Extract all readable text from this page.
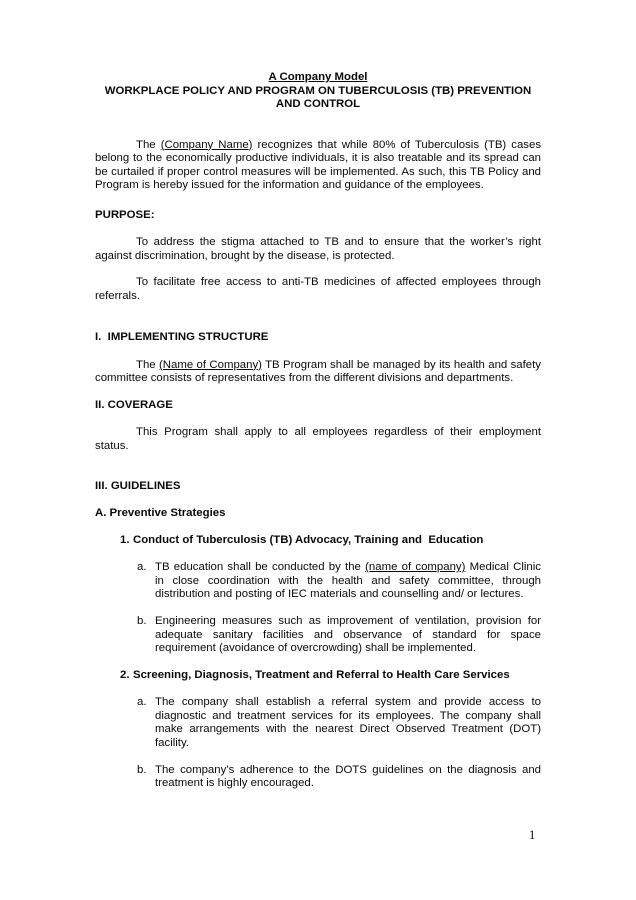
A Company Model
WORKPLACE POLICY AND PROGRAM ON TUBERCULOSIS (TB) PREVENTION AND CONTROL

The (Company Name) recognizes that while 80% of Tuberculosis (TB) cases belong to the economically productive individuals, it is also treatable and its spread can be curtailed if proper control measures will be implemented. As such, this TB Policy and Program is hereby issued for the information and guidance of the employees.

PURPOSE:

To address the stigma attached to TB and to ensure that the worker’s right against discrimination, brought by the disease, is protected.

To facilitate free access to anti-TB medicines of affected employees through referrals.

I.  IMPLEMENTING STRUCTURE

The (Name of Company) TB Program shall be managed by its health and safety committee consists of representatives from the different divisions and departments.

II. COVERAGE

This Program shall apply to all employees regardless of their employment status.

III. GUIDELINES
A. Preventive Strategies
1. Conduct of Tuberculosis (TB) Advocacy, Training and  Education
a. TB education shall be conducted by the (name of company) Medical Clinic in close coordination with the health and safety committee, through distribution and posting of IEC materials and counselling and/ or lectures.
b. Engineering measures such as improvement of ventilation, provision for adequate sanitary facilities and observance of standard for space requirement (avoidance of overcrowding) shall be implemented.
2. Screening, Diagnosis, Treatment and Referral to Health Care Services
a. The company shall establish a referral system and provide access to diagnostic and treatment services for its employees. The company shall make arrangements with the nearest Direct Observed Treatment (DOT) facility.
b. The company’s adherence to the DOTS guidelines on the diagnosis and treatment is highly encouraged.
1
